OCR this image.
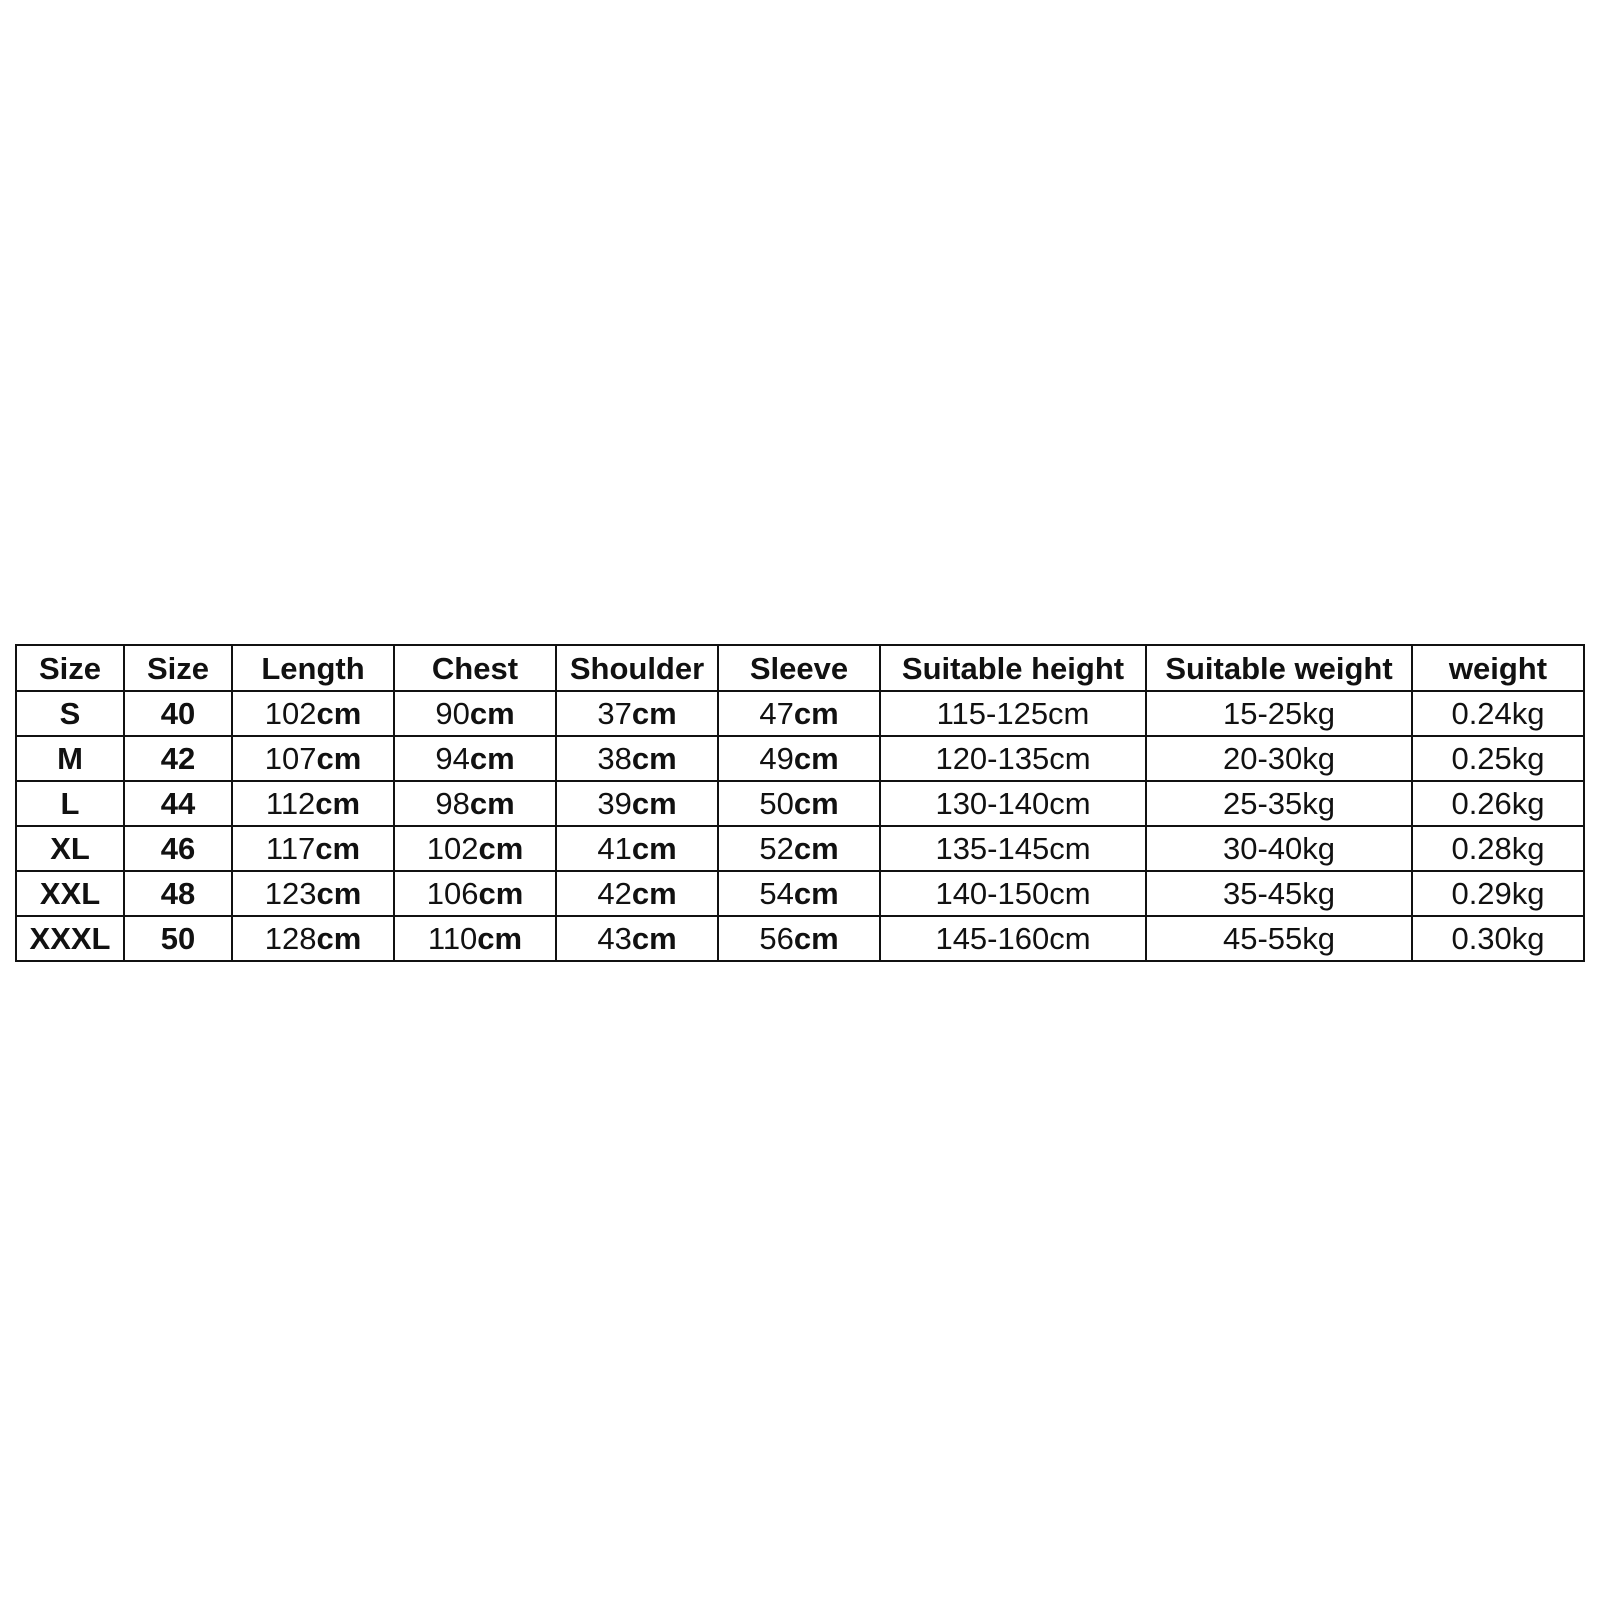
Size	Size	Length	Chest	Shoulder	Sleeve	Suitable height	Suitable weight	weight
S	40	102cm	90cm	37cm	47cm	115-125cm	15-25kg	0.24kg
M	42	107cm	94cm	38cm	49cm	120-135cm	20-30kg	0.25kg
L	44	112cm	98cm	39cm	50cm	130-140cm	25-35kg	0.26kg
XL	46	117cm	102cm	41cm	52cm	135-145cm	30-40kg	0.28kg
XXL	48	123cm	106cm	42cm	54cm	140-150cm	35-45kg	0.29kg
XXXL	50	128cm	110cm	43cm	56cm	145-160cm	45-55kg	0.30kg
